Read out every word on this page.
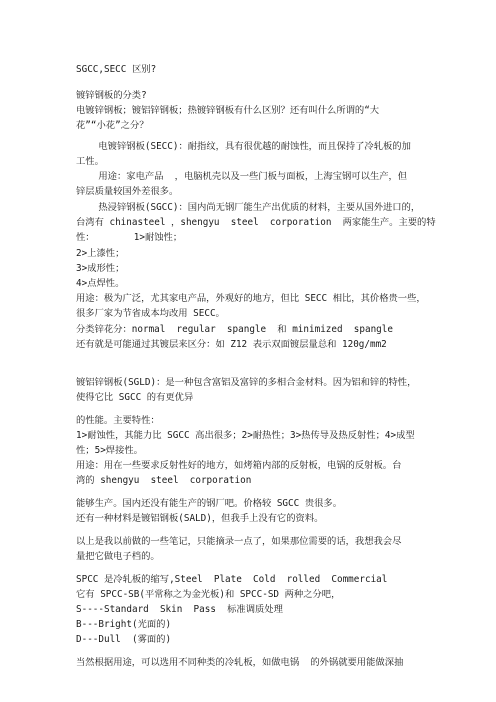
SGCC,SECC 区别?
镀锌钢板的分类?
电镀锌钢板；镀铝锌钢板；热镀锌钢板有什么区别？还有叫什么所谓的“大
花”“小花”之分？
电镀锌钢板(SECC)：耐指纹，具有很优越的耐蚀性，而且保持了冷轧板的加
工性。
用途：家电产品  ，电脑机壳以及一些门板与面板，上海宝钢可以生产，但
锌层质量较国外差很多。
热浸锌钢板(SGCC)：国内尚无钢厂能生产出优质的材料，主要从国外进口的，
台湾有 chinasteel ，shengyu  steel  corporation  两家能生产。主要的特
性：       1>耐蚀性；
2>上漆性；
3>成形性；
4>点焊性。
用途：极为广泛，尤其家电产品，外观好的地方，但比 SECC 相比，其价格贵一些，
很多厂家为节省成本均改用 SECC。
分类锌花分：normal  regular  spangle  和 minimized  spangle
还有就是可能通过其镀层来区分：如 Z12 表示双面镀层量总和 120g/mm2
镀铝锌钢板(SGLD)：是一种包含富铝及富锌的多相合金材料。因为铝和锌的特性，
使得它比 SGCC 的有更优异
的性能。主要特性：
1>耐蚀性，其能力比 SGCC 高出很多；2>耐热性；3>热传导及热反射性；4>成型
性；5>焊接性。
用途：用在一些要求反射性好的地方，如烤箱内部的反射板，电锅的反射板。台
湾的 shengyu  steel  corporation
能够生产。国内还没有能生产的钢厂吧。价格较 SGCC 贵很多。
还有一种材料是镀铝钢板(SALD)，但我手上没有它的资料。
以上是我以前做的一些笔记，只能摘录一点了，如果那位需要的话，我想我会尽
量把它做电子档的。
SPCC 是冷轧板的缩写,Steel  Plate  Cold  rolled  Commercial
它有 SPCC-SB(平常称之为金光板)和 SPCC-SD 两种之分吧，
S----Standard  Skin  Pass  标准调质处理
B---Bright(光面的)
D---Dull  (雾面的)
当然根据用途，可以选用不同种类的冷轧板，如做电锅  的外锅就要用能做深抽
